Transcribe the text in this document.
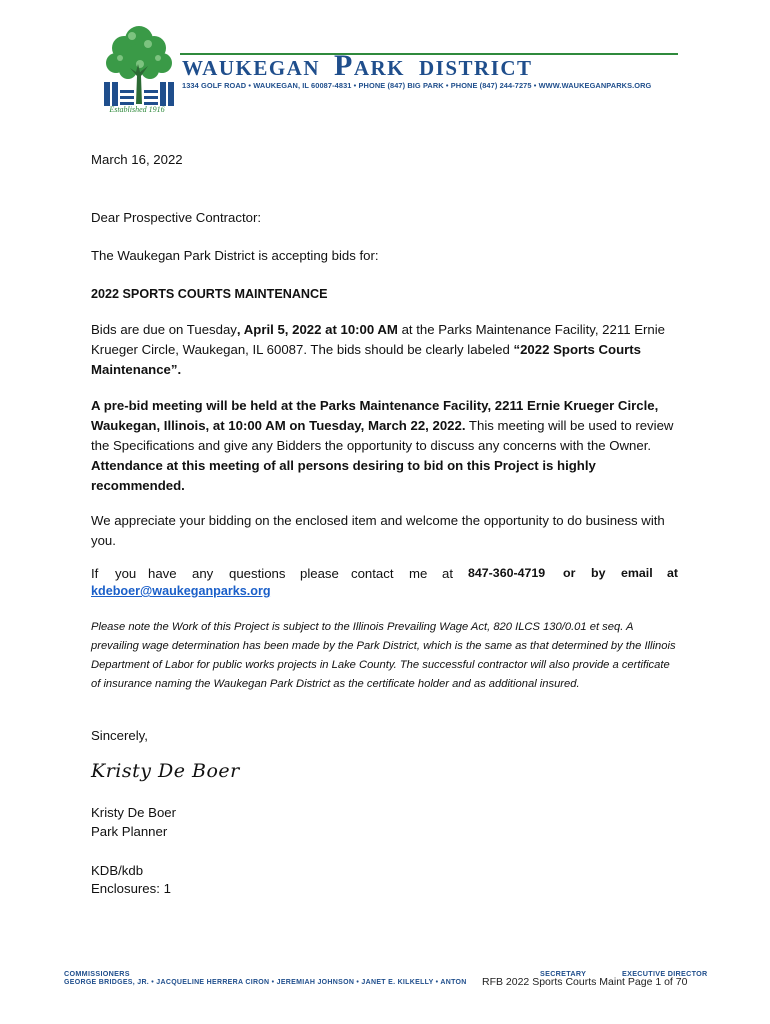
WAUKEGAN PARK DISTRICT
1334 GOLF ROAD • WAUKEGAN, IL 60087-4831 • PHONE (847) BIG PARK • PHONE (847) 244-7275 • WWW.WAUKEGANPARKS.ORG
Established 1916
March 16, 2022
Dear Prospective Contractor:
The Waukegan Park District is accepting bids for:
2022 SPORTS COURTS MAINTENANCE
Bids are due on Tuesday, April 5, 2022 at 10:00 AM at the Parks Maintenance Facility, 2211 Ernie Krueger Circle, Waukegan, IL 60087. The bids should be clearly labeled “2022 Sports Courts Maintenance”.
A pre-bid meeting will be held at the Parks Maintenance Facility, 2211 Ernie Krueger Circle, Waukegan, Illinois, at 10:00 AM on Tuesday, March 22, 2022. This meeting will be used to review the Specifications and give any Bidders the opportunity to discuss any concerns with the Owner. Attendance at this meeting of all persons desiring to bid on this Project is highly recommended.
We appreciate your bidding on the enclosed item and welcome the opportunity to do business with you.
If you have any questions please contact me at 847-360-4719 or by email at
kdeboer@waukeganparks.org
Please note the Work of this Project is subject to the Illinois Prevailing Wage Act, 820 ILCS 130/0.01 et seq. A prevailing wage determination has been made by the Park District, which is the same as that determined by the Illinois Department of Labor for public works projects in Lake County. The successful contractor will also provide a certificate of insurance naming the Waukegan Park District as the certificate holder and as additional insured.
Sincerely,
Kristy De Boer
Kristy De Boer
Park Planner
KDB/kdb
Enclosures: 1
COMMISSIONERS
GEORGE BRIDGES, JR. • JACQUELINE HERRERA CIRON • JEREMIAH JOHNSON • JANET E. KILKELLY • ANTON
SECRETARY	EXECUTIVE DIRECTOR
RFB 2022 Sports Courts Maint Page 1 of 70
